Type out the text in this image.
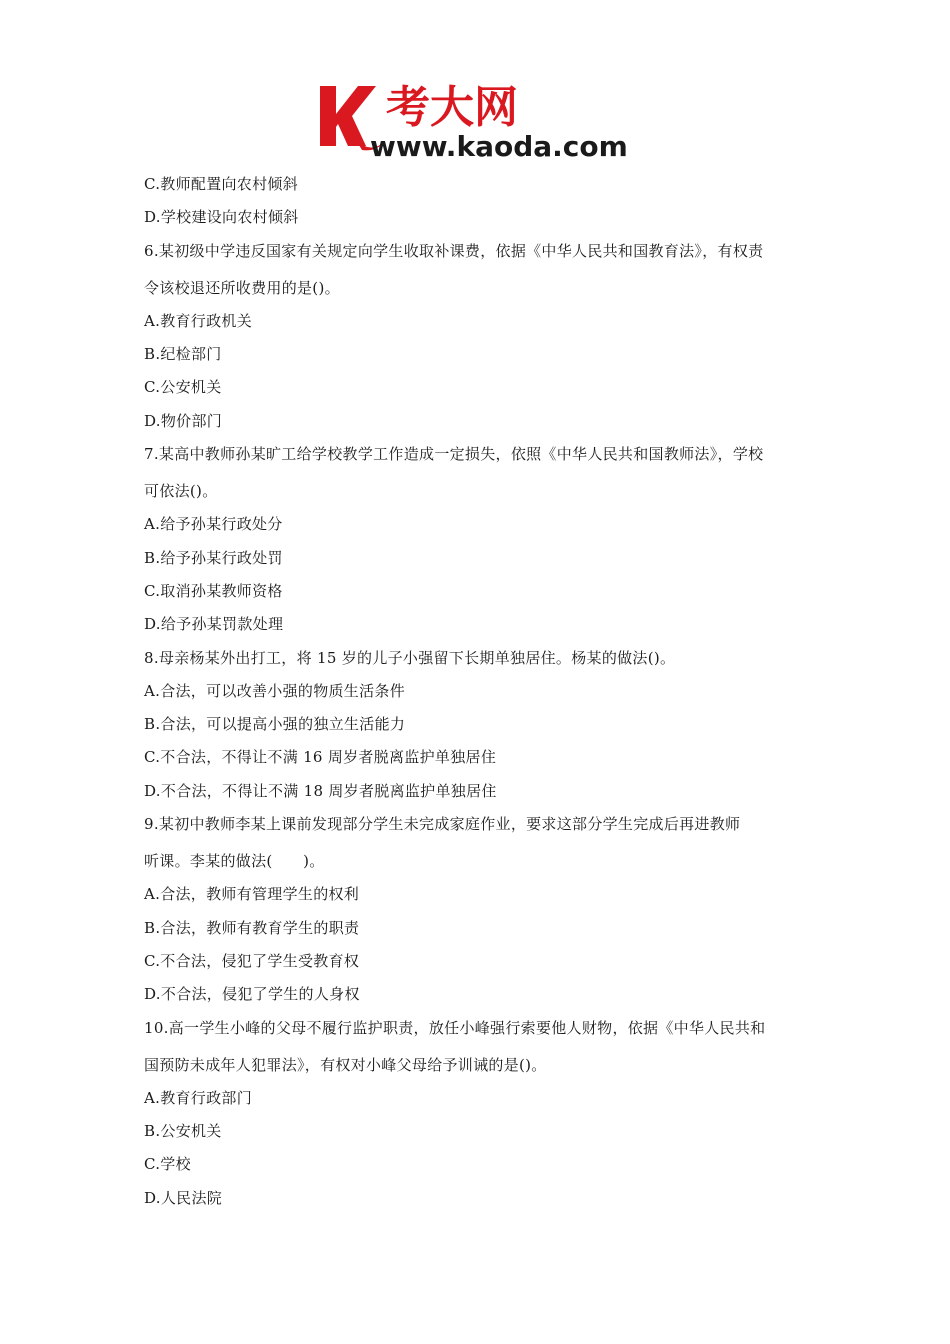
考大网
www.kaoda.com
C.教师配置向农村倾斜
D.学校建设向农村倾斜
6.某初级中学违反国家有关规定向学生收取补课费，依据《中华人民共和国教育法》，有权责
令该校退还所收费用的是()。
A.教育行政机关
B.纪检部门
C.公安机关
D.物价部门
7.某高中教师孙某旷工给学校教学工作造成一定损失，依照《中华人民共和国教师法》，学校
可依法()。
A.给予孙某行政处分
B.给予孙某行政处罚
C.取消孙某教师资格
D.给予孙某罚款处理
8.母亲杨某外出打工，将 15 岁的儿子小强留下长期单独居住。杨某的做法()。
A.合法，可以改善小强的物质生活条件
B.合法，可以提高小强的独立生活能力
C.不合法，不得让不满 16 周岁者脱离监护单独居住
D.不合法，不得让不满 18 周岁者脱离监护单独居住
9.某初中教师李某上课前发现部分学生未完成家庭作业，要求这部分学生完成后再进教师
听课。李某的做法(　　)。
A.合法，教师有管理学生的权利
B.合法，教师有教育学生的职责
C.不合法，侵犯了学生受教育权
D.不合法，侵犯了学生的人身权
10.高一学生小峰的父母不履行监护职责，放任小峰强行索要他人财物，依据《中华人民共和
国预防未成年人犯罪法》，有权对小峰父母给予训诫的是()。
A.教育行政部门
B.公安机关
C.学校
D.人民法院
